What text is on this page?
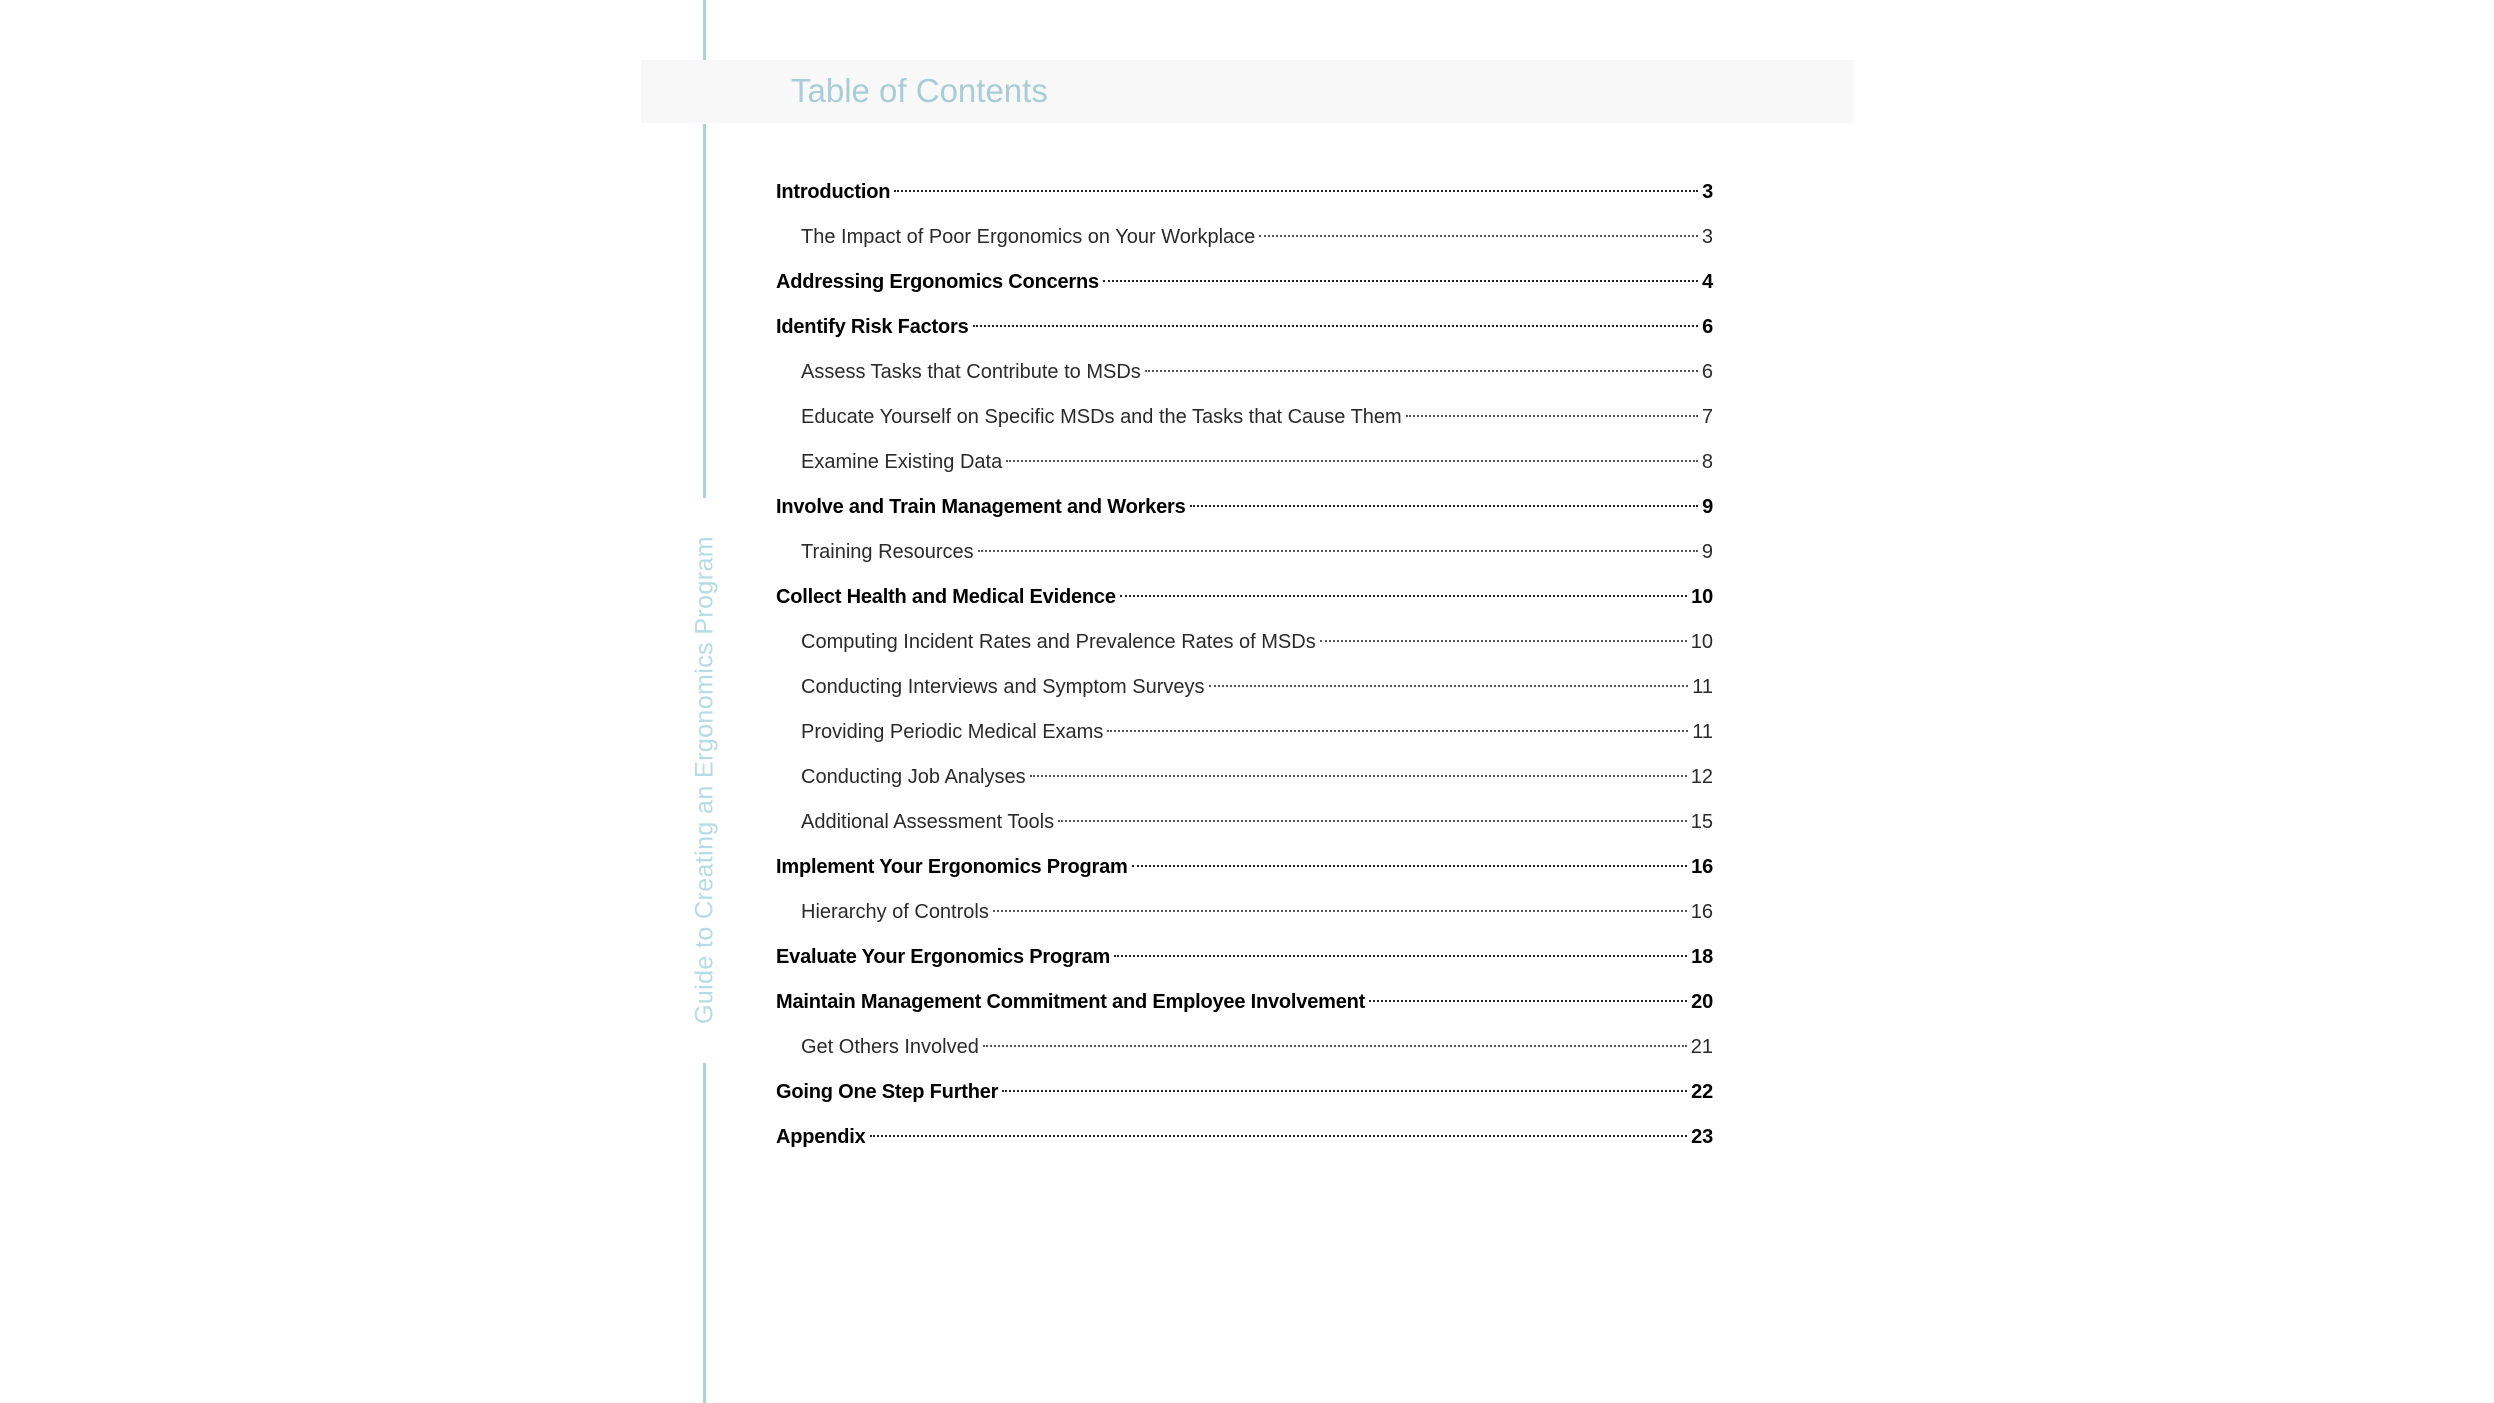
Guide to Creating an Ergonomics Program
Table of Contents
Introduction	3
The Impact of Poor Ergonomics on Your Workplace	3
Addressing Ergonomics Concerns	4
Identify Risk Factors	6
Assess Tasks that Contribute to MSDs	6
Educate Yourself on Specific MSDs and the Tasks that Cause Them	7
Examine Existing Data	8
Involve and Train Management and Workers	9
Training Resources	9
Collect Health and Medical Evidence	10
Computing Incident Rates and Prevalence Rates of MSDs	10
Conducting Interviews and Symptom Surveys	11
Providing Periodic Medical Exams	11
Conducting Job Analyses	12
Additional Assessment Tools	15
Implement Your Ergonomics Program	16
Hierarchy of Controls	16
Evaluate Your Ergonomics Program	18
Maintain Management Commitment and Employee Involvement	20
Get Others Involved	21
Going One Step Further	22
Appendix	23
